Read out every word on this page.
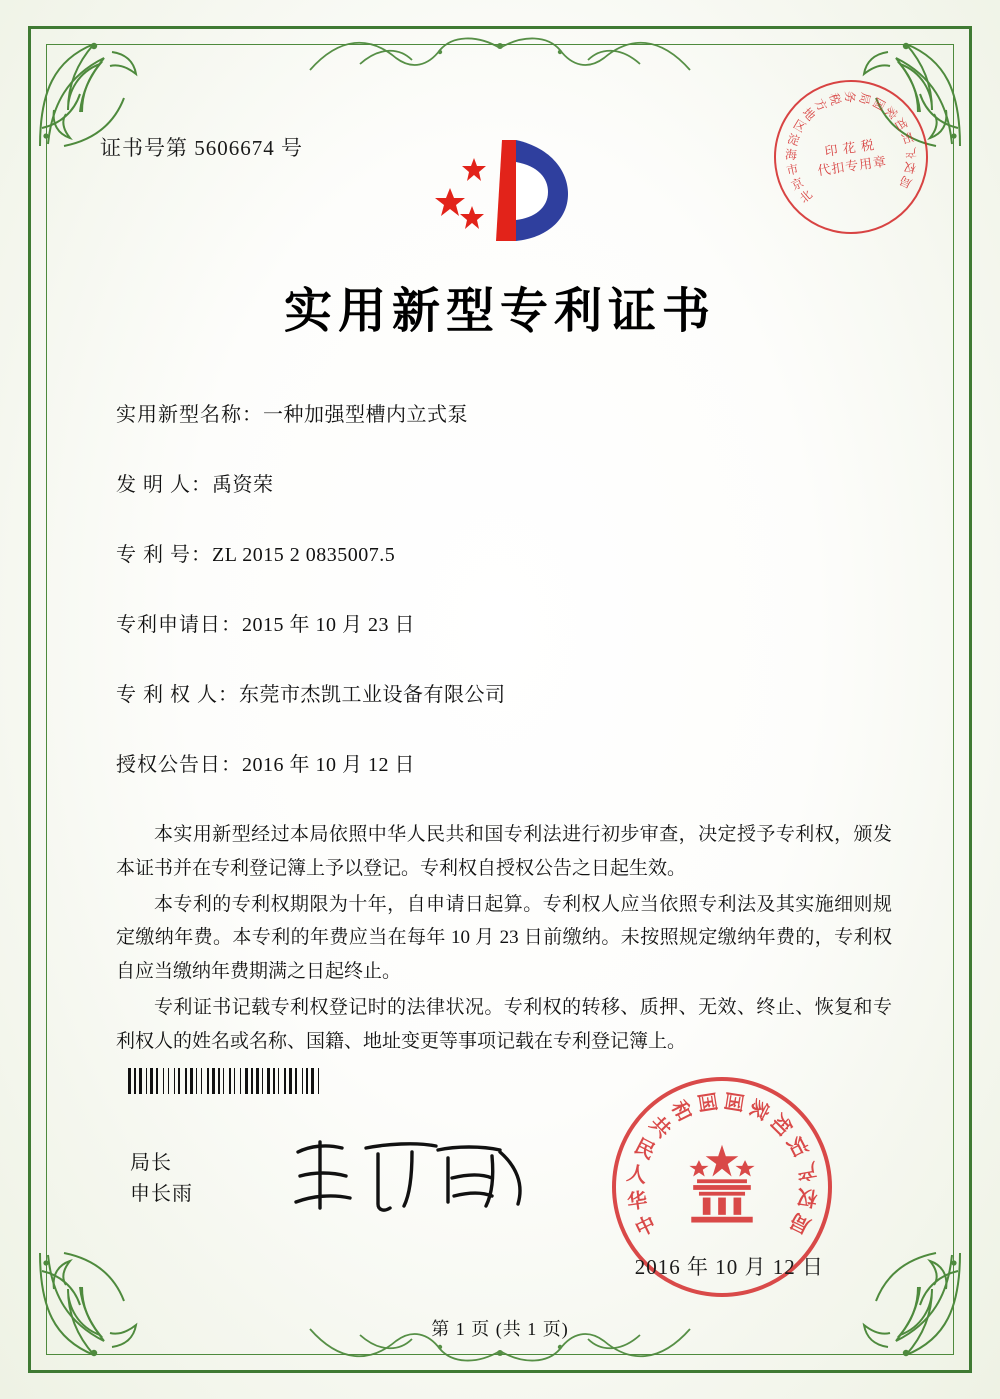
证书号第 5606674 号
北
京
市
海
淀
区
地
方
税 务 局
国
家
知
识
产
权
局
印 花 税
代扣专用章
实用新型专利证书
实用新型名称：一种加强型槽内立式泵
发 明 人：禹资荣
专 利 号：ZL 2015 2 0835007.5
专利申请日：2015 年 10 月 23 日
专 利 权 人：东莞市杰凯工业设备有限公司
授权公告日：2016 年 10 月 12 日

本实用新型经过本局依照中华人民共和国专利法进行初步审查，决定授予专利权，颁发本证书并在专利登记簿上予以登记。专利权自授权公告之日起生效。

本专利的专利权期限为十年，自申请日起算。专利权人应当依照专利法及其实施细则规定缴纳年费。本专利的年费应当在每年 10 月 23 日前缴纳。未按照规定缴纳年费的，专利权自应当缴纳年费期满之日起终止。

专利证书记载专利权登记时的法律状况。专利权的转移、质押、无效、终止、恢复和专利权人的姓名或名称、国籍、地址变更等事项记载在专利登记簿上。

局长
申长雨
中
华
人
民
共
和
国 国
家
知
识
产
权
局
2016 年 10 月 12 日
第 1 页 (共 1 页)
